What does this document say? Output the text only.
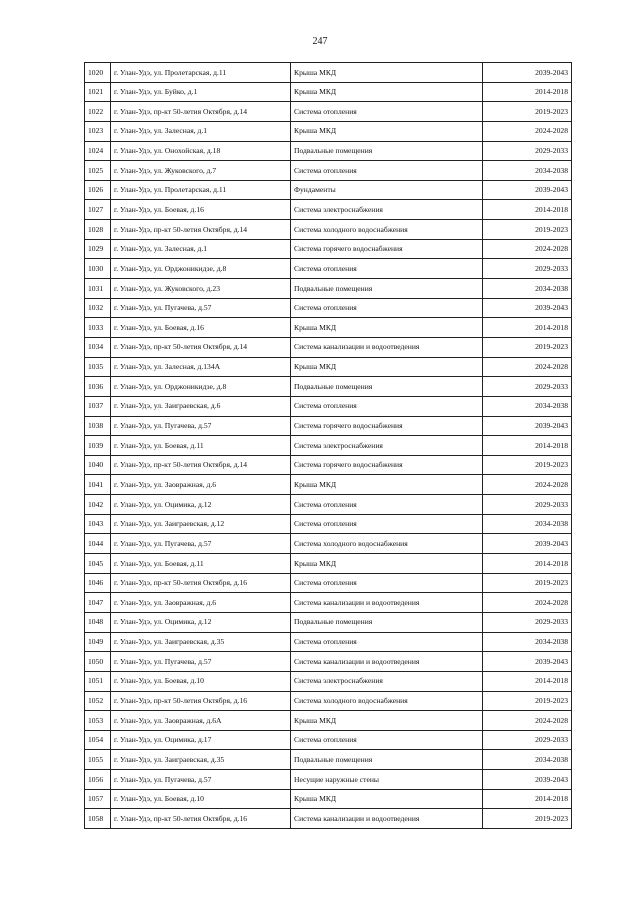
247
1020	г. Улан-Удэ, ул. Пролетарская, д.11	Крыша МКД	2039-2043
1021	г. Улан-Удэ, ул. Буйко, д.1	Крыша МКД	2014-2018
1022	г. Улан-Удэ, пр-кт 50-летия Октября, д.14	Система отопления	2019-2023
1023	г. Улан-Удэ, ул. Залесная, д.1	Крыша МКД	2024-2028
1024	г. Улан-Удэ, ул. Онохойская, д.18	Подвальные помещения	2029-2033
1025	г. Улан-Удэ, ул. Жуковского, д.7	Система отопления	2034-2038
1026	г. Улан-Удэ, ул. Пролетарская, д.11	Фундаменты	2039-2043
1027	г. Улан-Удэ, ул. Боевая, д.16	Система электроснабжения	2014-2018
1028	г. Улан-Удэ, пр-кт 50-летия Октября, д.14	Система холодного водоснабжения	2019-2023
1029	г. Улан-Удэ, ул. Залесная, д.1	Система горячего водоснабжения	2024-2028
1030	г. Улан-Удэ, ул. Орджоникидзе, д.8	Система отопления	2029-2033
1031	г. Улан-Удэ, ул. Жуковского, д.23	Подвальные помещения	2034-2038
1032	г. Улан-Удэ, ул. Пугачева, д.57	Система отопления	2039-2043
1033	г. Улан-Удэ, ул. Боевая, д.16	Крыша МКД	2014-2018
1034	г. Улан-Удэ, пр-кт 50-летия Октября, д.14	Система канализации и водоотведения	2019-2023
1035	г. Улан-Удэ, ул. Залесная, д.134А	Крыша МКД	2024-2028
1036	г. Улан-Удэ, ул. Орджоникидзе, д.8	Подвальные помещения	2029-2033
1037	г. Улан-Удэ, ул. Заиграевская, д.6	Система отопления	2034-2038
1038	г. Улан-Удэ, ул. Пугачева, д.57	Система горячего водоснабжения	2039-2043
1039	г. Улан-Удэ, ул. Боевая, д.11	Система электроснабжения	2014-2018
1040	г. Улан-Удэ, пр-кт 50-летия Октября, д.14	Система горячего водоснабжения	2019-2023
1041	г. Улан-Удэ, ул. Заовражная, д.6	Крыша МКД	2024-2028
1042	г. Улан-Удэ, ул. Оцимика, д.12	Система отопления	2029-2033
1043	г. Улан-Удэ, ул. Заиграевская, д.12	Система отопления	2034-2038
1044	г. Улан-Удэ, ул. Пугачева, д.57	Система холодного водоснабжения	2039-2043
1045	г. Улан-Удэ, ул. Боевая, д.11	Крыша МКД	2014-2018
1046	г. Улан-Удэ, пр-кт 50-летия Октября, д.16	Система отопления	2019-2023
1047	г. Улан-Удэ, ул. Заовражная, д.6	Система канализации и водоотведения	2024-2028
1048	г. Улан-Удэ, ул. Оцимика, д.12	Подвальные помещения	2029-2033
1049	г. Улан-Удэ, ул. Заиграевская, д.35	Система отопления	2034-2038
1050	г. Улан-Удэ, ул. Пугачева, д.57	Система канализации и водоотведения	2039-2043
1051	г. Улан-Удэ, ул. Боевая, д.10	Система электроснабжения	2014-2018
1052	г. Улан-Удэ, пр-кт 50-летия Октября, д.16	Система холодного водоснабжения	2019-2023
1053	г. Улан-Удэ, ул. Заовражная, д.6А	Крыша МКД	2024-2028
1054	г. Улан-Удэ, ул. Оцимика, д.17	Система отопления	2029-2033
1055	г. Улан-Удэ, ул. Заиграевская, д.35	Подвальные помещения	2034-2038
1056	г. Улан-Удэ, ул. Пугачева, д.57	Несущие наружные стены	2039-2043
1057	г. Улан-Удэ, ул. Боевая, д.10	Крыша МКД	2014-2018
1058	г. Улан-Удэ, пр-кт 50-летия Октября, д.16	Система канализации и водоотведения	2019-2023
